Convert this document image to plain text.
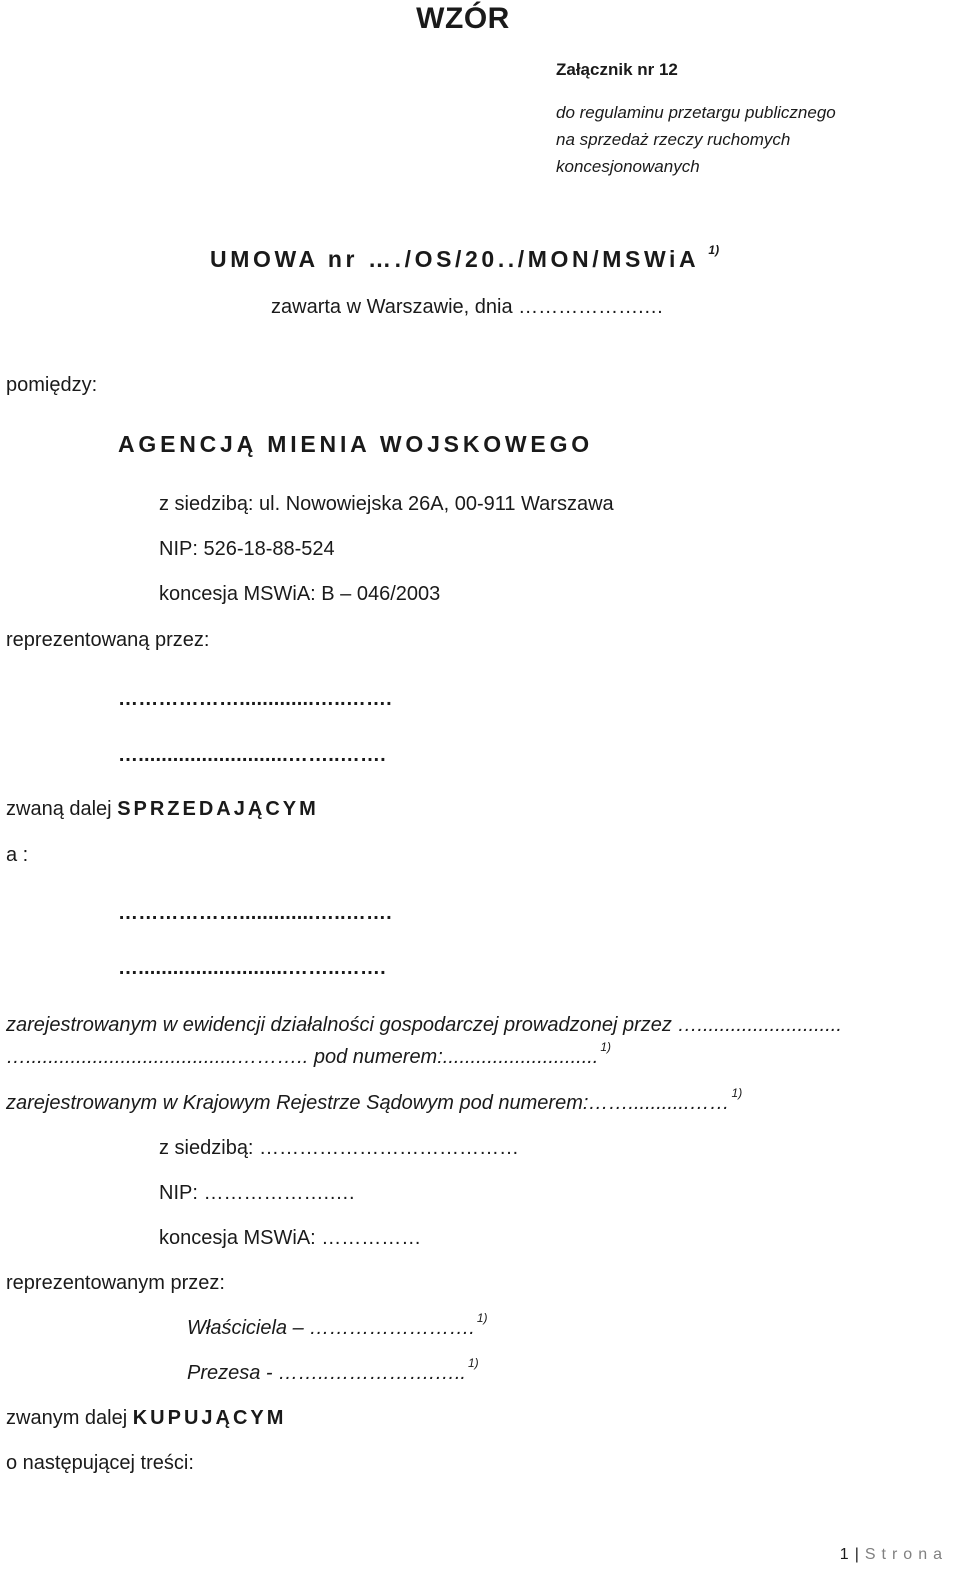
WZÓR
Załącznik nr 12
do regulaminu przetargu publicznego
na sprzedaż rzeczy ruchomych
koncesjonowanych
UMOWA nr ….​/OS/20../MON/MSWiA $^{1)}$
zawarta w Warszawie, dnia ……………….…
pomiędzy:
AGENCJĄ MIENIA WOJSKOWEGO
z siedzibą: ul. Nowowiejska 26A, 00-911 Warszawa
NIP: 526-18-88-524
koncesja MSWiA: B – 046/2003
reprezentowaną przez:
……………….............…..…….
…..........................……..…….
zwaną dalej SPRZEDAJĄCYM
a :
……………….............…..…….
…..........................……..…….
zarejestrowanym w ewidencji działalności gospodarczej prowadzonej przez …..........................
…......................................……….. pod numerem:............................ $^{1)}$
zarejestrowanym w Krajowym Rejestrze Sądowym pod numerem:……...........…… $^{1)}$
z siedzibą: …………………………………
NIP: ……………….….
koncesja MSWiA: ……………
reprezentowanym przez:
Właściciela – ……………………. $^{1)}$
Prezesa - ……..…………….….. $^{1)}$
zwanym dalej KUPUJĄCYM
o następującej treści:
1 | Strona
